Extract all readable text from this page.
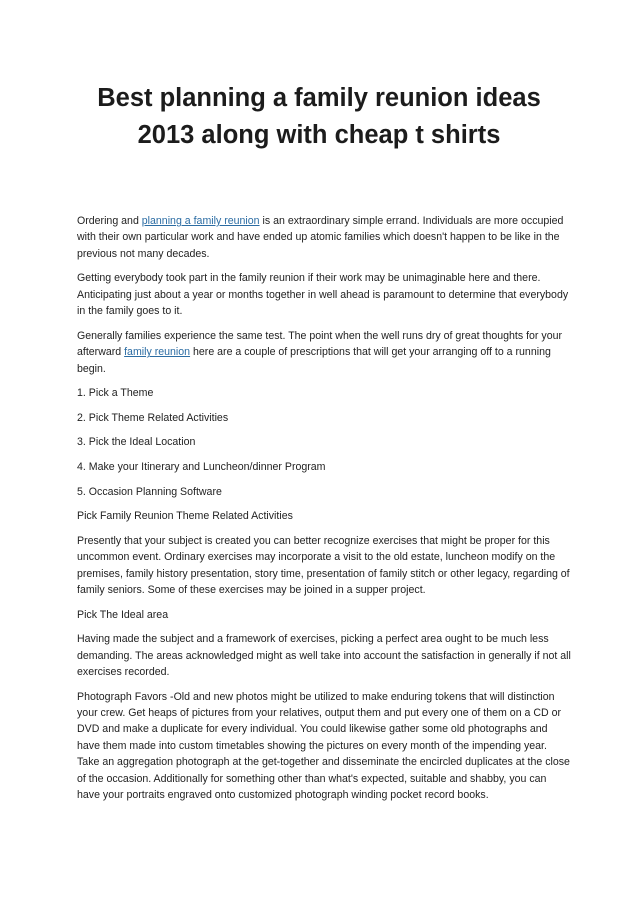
Best planning a family reunion ideas 2013 along with cheap t shirts

Ordering and planning a family reunion is an extraordinary simple errand. Individuals are more occupied with their own particular work and have ended up atomic families which doesn't happen to be like in the previous not many decades.

Getting everybody took part in the family reunion if their work may be unimaginable here and there. Anticipating just about a year or months together in well ahead is paramount to determine that everybody in the family goes to it.

Generally families experience the same test. The point when the well runs dry of great thoughts for your afterward family reunion here are a couple of prescriptions that will get your arranging off to a running begin.

1. Pick a Theme

2. Pick Theme Related Activities

3. Pick the Ideal Location

4. Make your Itinerary and Luncheon/dinner Program

5. Occasion Planning Software

Pick Family Reunion Theme Related Activities

Presently that your subject is created you can better recognize exercises that might be proper for this uncommon event. Ordinary exercises may incorporate a visit to the old estate, luncheon modify on the premises, family history presentation, story time, presentation of family stitch or other legacy, regarding of family seniors. Some of these exercises may be joined in a supper project.

Pick The Ideal area

Having made the subject and a framework of exercises, picking a perfect area ought to be much less demanding. The areas acknowledged might as well take into account the satisfaction in generally if not all exercises recorded.

Photograph Favors -Old and new photos might be utilized to make enduring tokens that will distinction your crew. Get heaps of pictures from your relatives, output them and put every one of them on a CD or DVD and make a duplicate for every individual. You could likewise gather some old photographs and have them made into custom timetables showing the pictures on every month of the impending year. Take an aggregation photograph at the get-together and disseminate the encircled duplicates at the close of the occasion. Additionally for something other than what's expected, suitable and shabby, you can have your portraits engraved onto customized photograph winding pocket record books.
